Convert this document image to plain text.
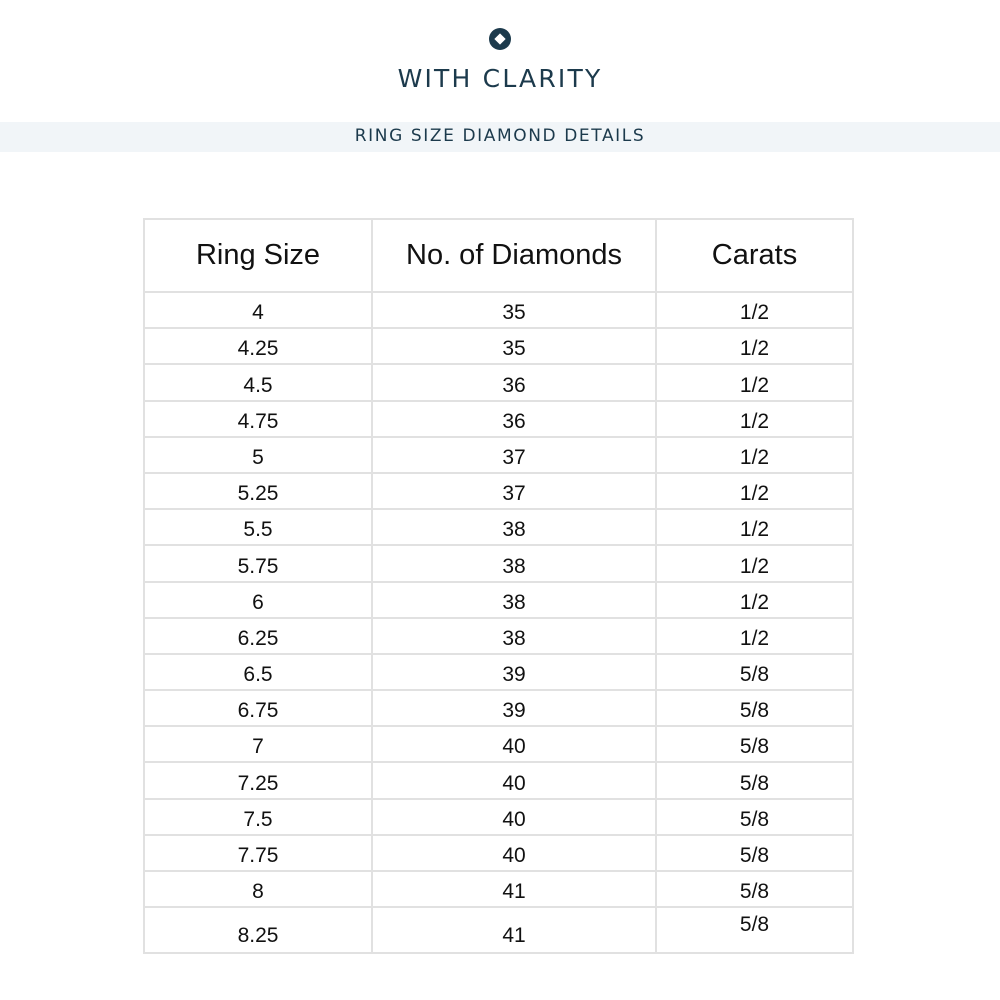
WITH CLARITY
RING SIZE DIAMOND DETAILS
Ring Size	No. of Diamonds	Carats
4	35	1/2
4.25	35	1/2
4.5	36	1/2
4.75	36	1/2
5	37	1/2
5.25	37	1/2
5.5	38	1/2
5.75	38	1/2
6	38	1/2
6.25	38	1/2
6.5	39	5/8
6.75	39	5/8
7	40	5/8
7.25	40	5/8
7.5	40	5/8
7.75	40	5/8
8	41	5/8
8.25	41	5/8
